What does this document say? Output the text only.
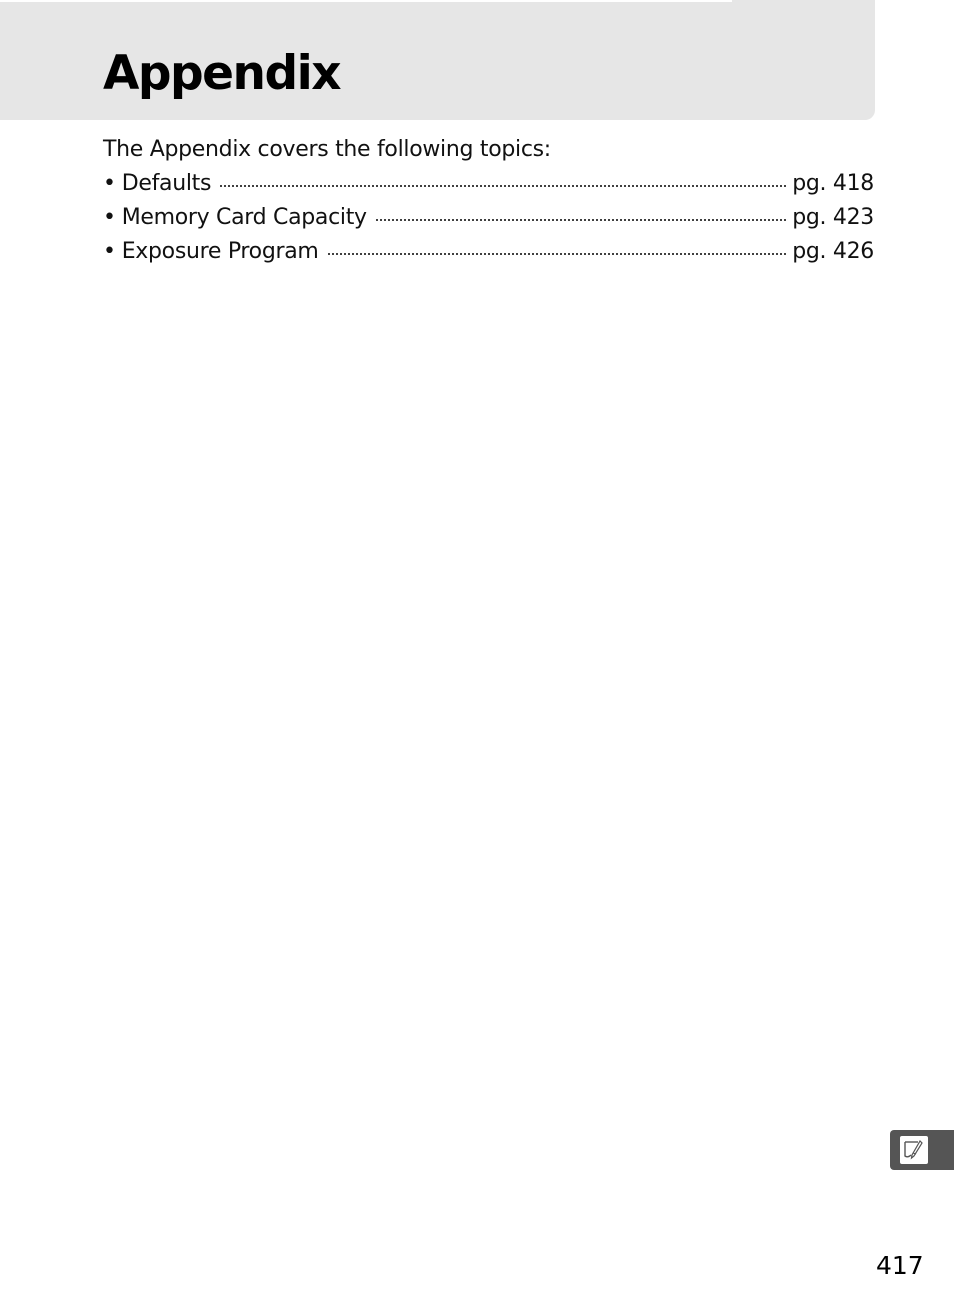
Appendix
The Appendix covers the following topics:
• Defaults	pg. 418
• Memory Card Capacity	pg. 423
• Exposure Program	pg. 426
417
